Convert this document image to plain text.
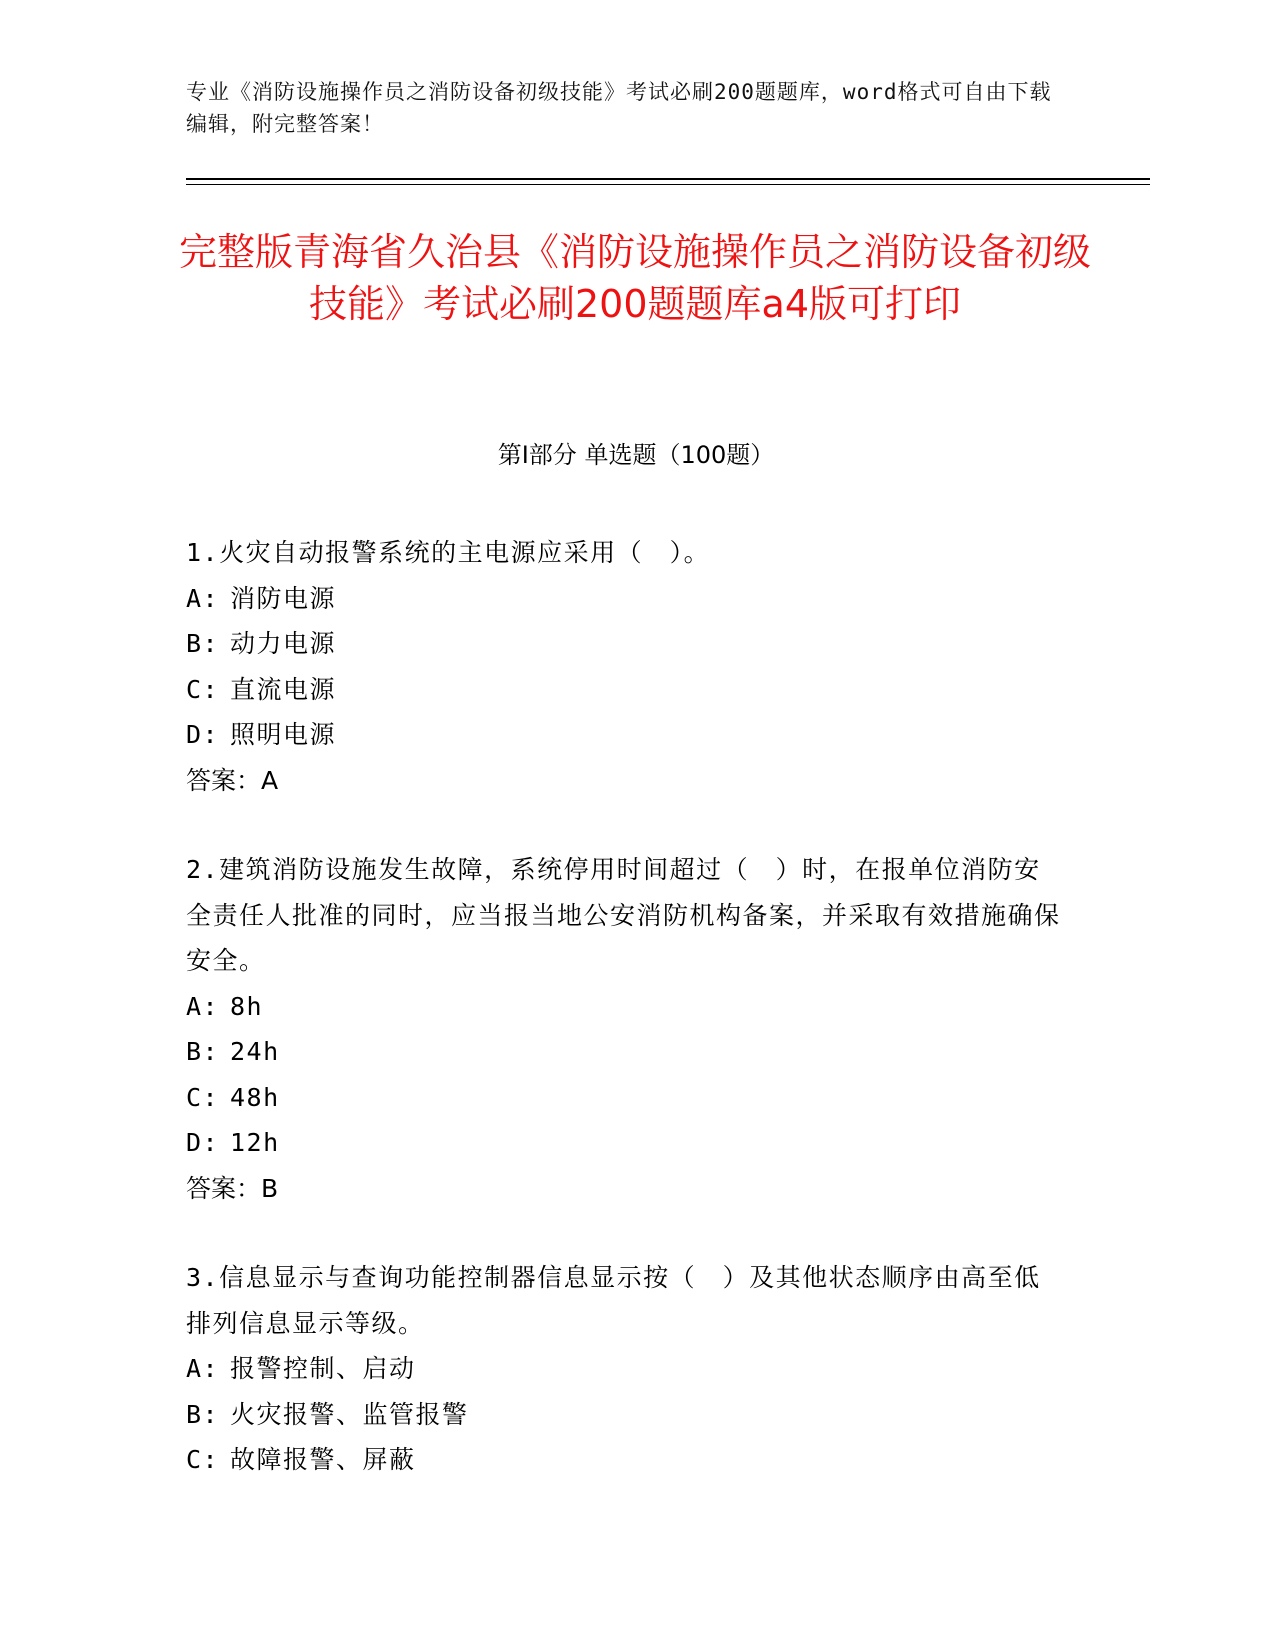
专业《消防设施操作员之消防设备初级技能》考试必刷200题题库，word格式可自由下载编辑，附完整答案！
完整版青海省久治县《消防设施操作员之消防设备初级技能》考试必刷200题题库a4版可打印
第Ⅰ部分 单选题（100题）

1.火灾自动报警系统的主电源应采用（　）。

A: 消防电源
B: 动力电源
C: 直流电源
D: 照明电源
答案：A

2.建筑消防设施发生故障，系统停用时间超过（　）时，在报单位消防安全责任人批准的同时，应当报当地公安消防机构备案，并采取有效措施确保安全。

A: 8h
B: 24h
C: 48h
D: 12h
答案：B

3.信息显示与查询功能控制器信息显示按（　）及其他状态顺序由高至低排列信息显示等级。

A: 报警控制、启动
B: 火灾报警、监管报警
C: 故障报警、屏蔽
